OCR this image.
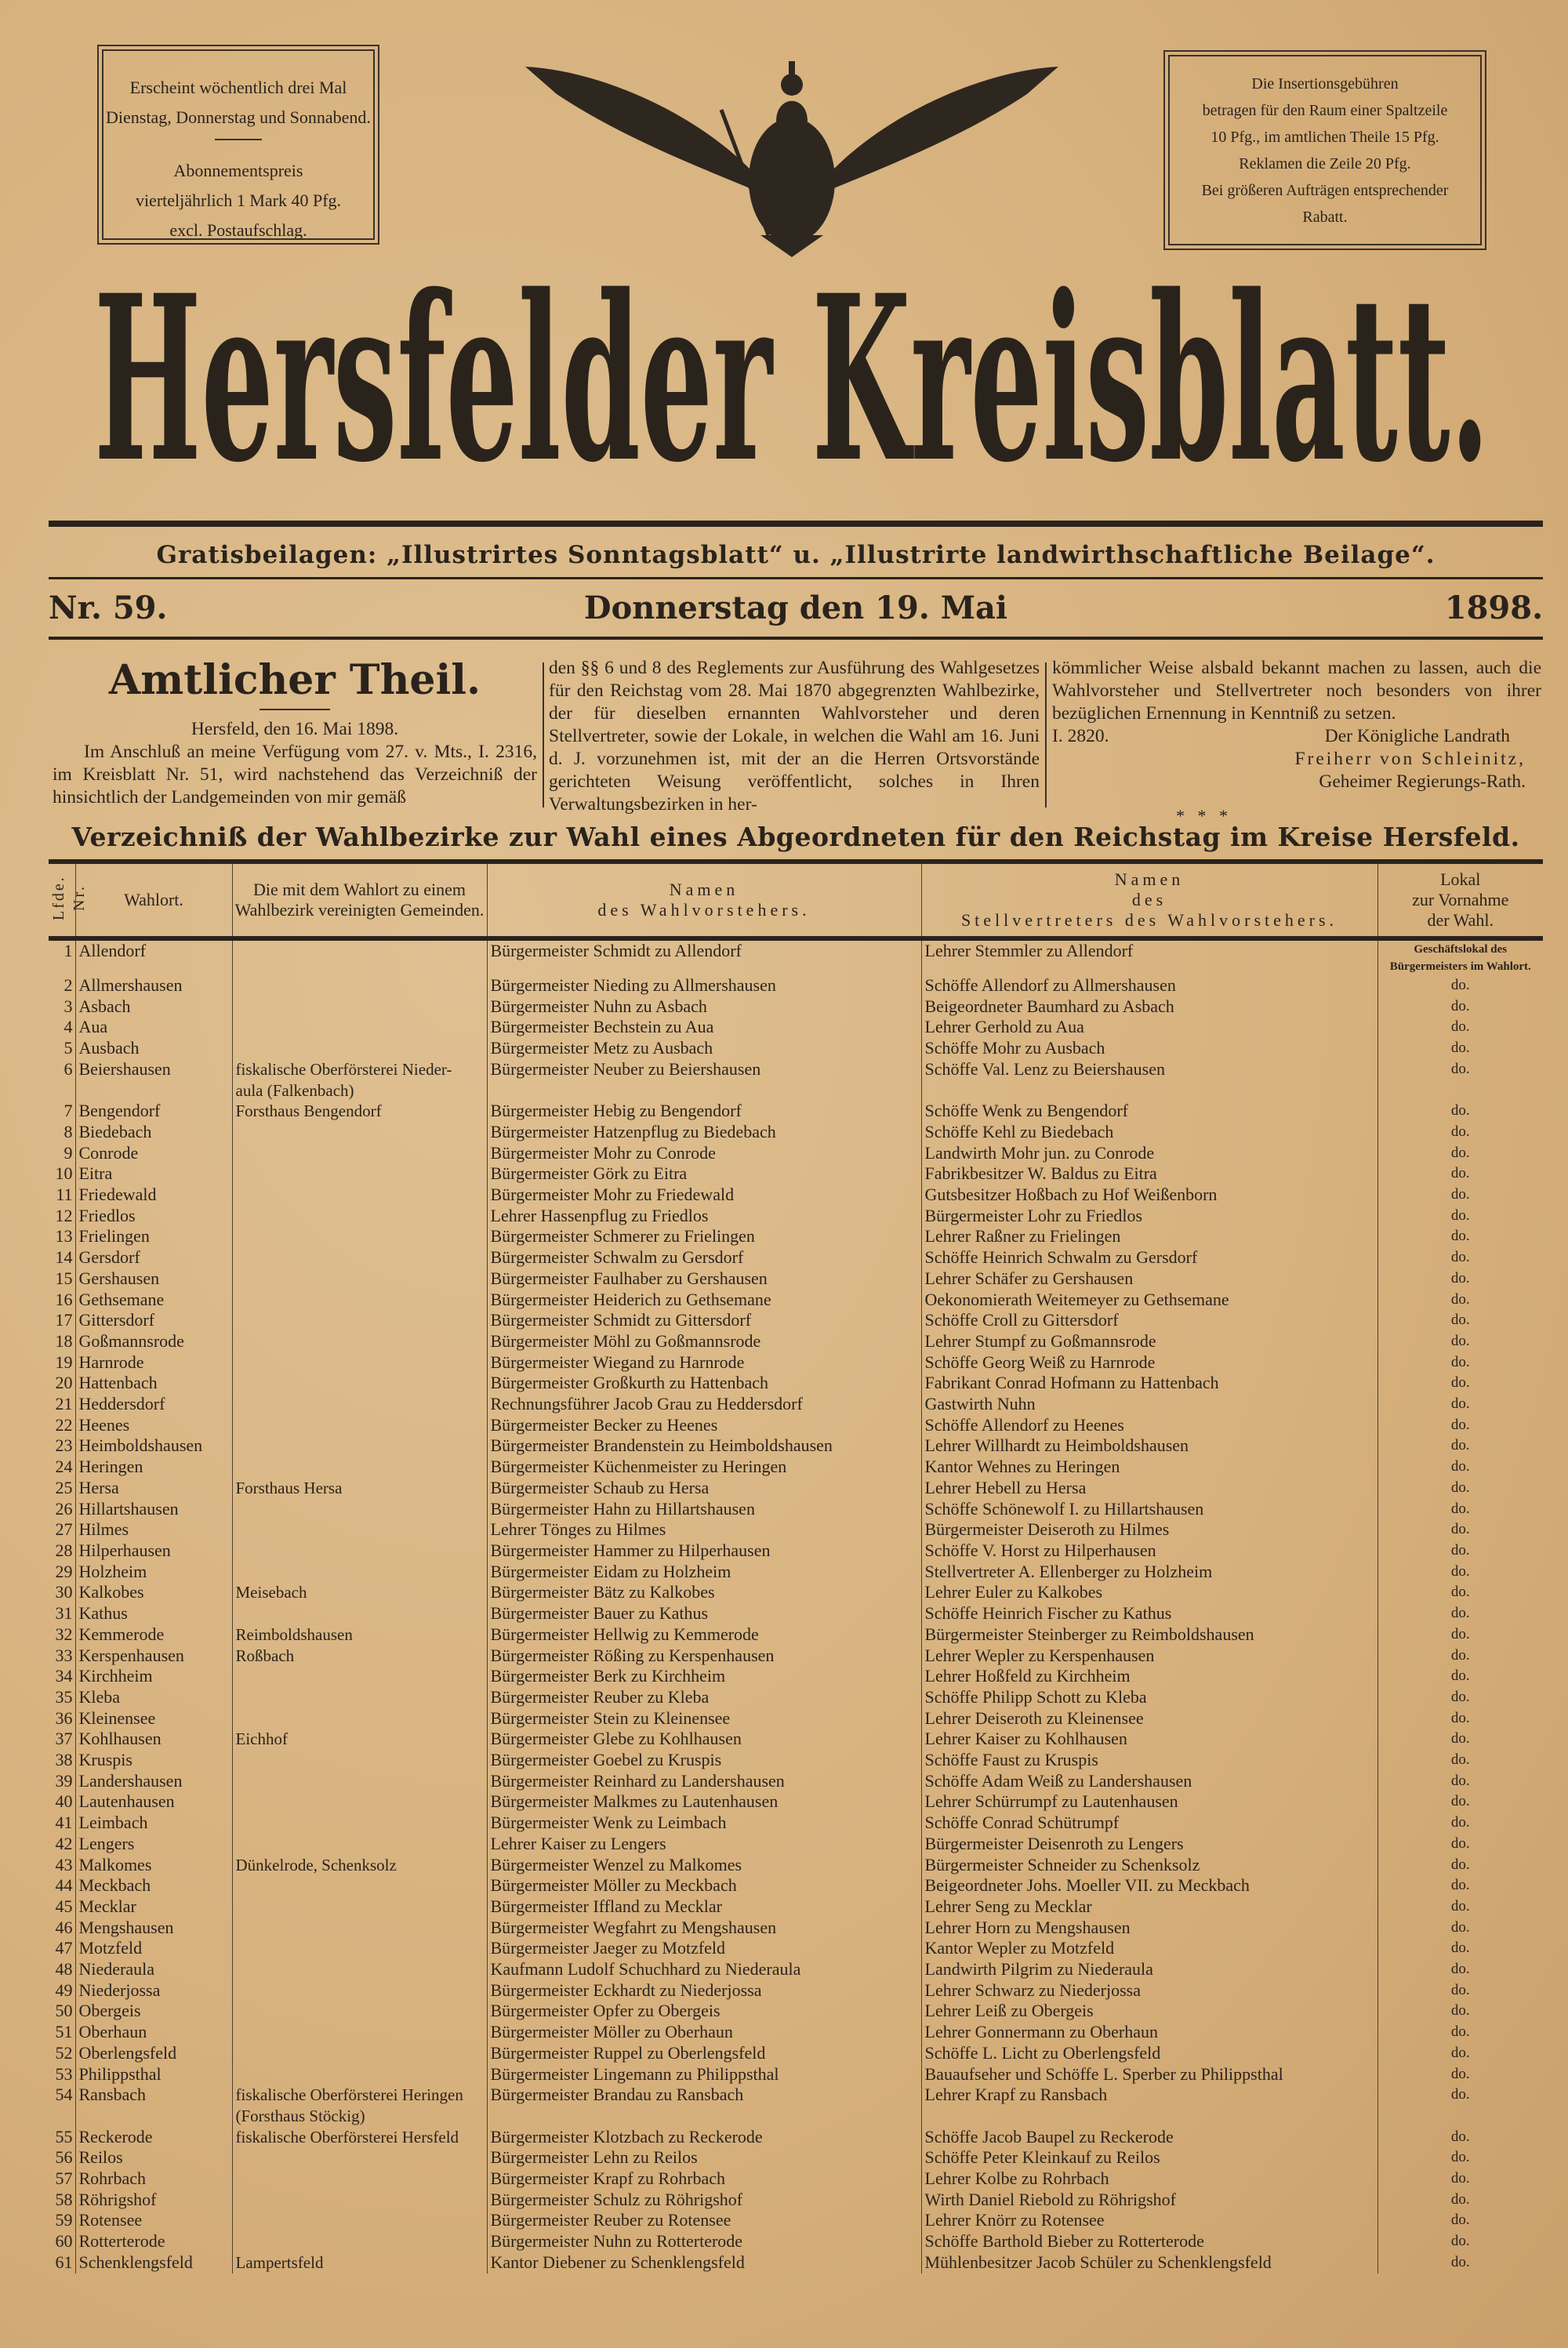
Erscheint wöchentlich drei Mal
Dienstag, Donnerstag und Sonnabend.
Abonnementspreis
vierteljährlich 1 Mark 40 Pfg.
excl. Postaufschlag.
Die Insertionsgebühren
betragen für den Raum einer Spaltzeile
10 Pfg., im amtlichen Theile 15 Pfg.
Reklamen die Zeile 20 Pfg.
Bei größeren Aufträgen entsprechender
Rabatt.
Hersfelder Kreisblatt.
Gratisbeilagen: „Illustrirtes Sonntagsblatt“ u. „Illustrirte landwirthschaftliche Beilage“.
Nr. 59.	Donnerstag den 19. Mai	1898.
Amtlicher Theil.
Hersfeld, den 16. Mai 1898.
Im Anschluß an meine Verfügung vom 27. v. Mts., I. 2316, im Kreisblatt Nr. 51, wird nachstehend das Verzeichniß der hinsichtlich der Landgemeinden von mir gemäß
den §§ 6 und 8 des Reglements zur Ausführung des Wahlgesetzes für den Reichstag vom 28. Mai 1870 abgegrenzten Wahlbezirke, der für dieselben ernannten Wahlvorsteher und deren Stellvertreter, sowie der Lokale, in welchen die Wahl am 16. Juni d. J. vorzunehmen ist, mit der an die Herren Ortsvorstände gerichteten Weisung veröffentlicht, solches in Ihren Verwaltungsbezirken in her-
kömmlicher Weise alsbald bekannt machen zu lassen, auch die Wahlvorsteher und Stellvertreter noch besonders von ihrer bezüglichen Ernennung in Kenntniß zu setzen.
I. 2820.	Der Königliche Landrath
Freiherr von Schleinitz,
Geheimer Regierungs-Rath.
*   *   *
Verzeichniß der Wahlbezirke zur Wahl eines Abgeordneten für den Reichstag im Kreise Hersfeld.
Lfde. Nr.	Wahlort.	Die mit dem Wahlort zu einem Wahlbezirk vereinigten Gemeinden.	Namen
des Wahlvorstehers.	Namen
des
Stellvertreters des Wahlvorstehers.	Lokal
zur Vornahme
der Wahl.
1	Allendorf		Bürgermeister Schmidt zu Allendorf	Lehrer Stemmler zu Allendorf	Geschäftslokal des Bürgermeisters im Wahlort.
2	Allmershausen		Bürgermeister Nieding zu Allmershausen	Schöffe Allendorf zu Allmershausen	do.
3	Asbach		Bürgermeister Nuhn zu Asbach	Beigeordneter Baumhard zu Asbach	do.
4	Aua		Bürgermeister Bechstein zu Aua	Lehrer Gerhold zu Aua	do.
5	Ausbach		Bürgermeister Metz zu Ausbach	Schöffe Mohr zu Ausbach	do.
6	Beiershausen	fiskalische Oberförsterei Nieder-
aula (Falkenbach)	Bürgermeister Neuber zu Beiershausen	Schöffe Val. Lenz zu Beiershausen	do.
7	Bengendorf	Forsthaus Bengendorf	Bürgermeister Hebig zu Bengendorf	Schöffe Wenk zu Bengendorf	do.
8	Biedebach		Bürgermeister Hatzenpflug zu Biedebach	Schöffe Kehl zu Biedebach	do.
9	Conrode		Bürgermeister Mohr zu Conrode	Landwirth Mohr jun. zu Conrode	do.
10	Eitra		Bürgermeister Görk zu Eitra	Fabrikbesitzer W. Baldus zu Eitra	do.
11	Friedewald		Bürgermeister Mohr zu Friedewald	Gutsbesitzer Hoßbach zu Hof Weißenborn	do.
12	Friedlos		Lehrer Hassenpflug zu Friedlos	Bürgermeister Lohr zu Friedlos	do.
13	Frielingen		Bürgermeister Schmerer zu Frielingen	Lehrer Raßner zu Frielingen	do.
14	Gersdorf		Bürgermeister Schwalm zu Gersdorf	Schöffe Heinrich Schwalm zu Gersdorf	do.
15	Gershausen		Bürgermeister Faulhaber zu Gershausen	Lehrer Schäfer zu Gershausen	do.
16	Gethsemane		Bürgermeister Heiderich zu Gethsemane	Oekonomierath Weitemeyer zu Gethsemane	do.
17	Gittersdorf		Bürgermeister Schmidt zu Gittersdorf	Schöffe Croll zu Gittersdorf	do.
18	Goßmannsrode		Bürgermeister Möhl zu Goßmannsrode	Lehrer Stumpf zu Goßmannsrode	do.
19	Harnrode		Bürgermeister Wiegand zu Harnrode	Schöffe Georg Weiß zu Harnrode	do.
20	Hattenbach		Bürgermeister Großkurth zu Hattenbach	Fabrikant Conrad Hofmann zu Hattenbach	do.
21	Heddersdorf		Rechnungsführer Jacob Grau zu Heddersdorf	Gastwirth Nuhn	do.
22	Heenes		Bürgermeister Becker zu Heenes	Schöffe Allendorf zu Heenes	do.
23	Heimboldshausen		Bürgermeister Brandenstein zu Heimboldshausen	Lehrer Willhardt zu Heimboldshausen	do.
24	Heringen		Bürgermeister Küchenmeister zu Heringen	Kantor Wehnes zu Heringen	do.
25	Hersa	Forsthaus Hersa	Bürgermeister Schaub zu Hersa	Lehrer Hebell zu Hersa	do.
26	Hillartshausen		Bürgermeister Hahn zu Hillartshausen	Schöffe Schönewolf I. zu Hillartshausen	do.
27	Hilmes		Lehrer Tönges zu Hilmes	Bürgermeister Deiseroth zu Hilmes	do.
28	Hilperhausen		Bürgermeister Hammer zu Hilperhausen	Schöffe V. Horst zu Hilperhausen	do.
29	Holzheim		Bürgermeister Eidam zu Holzheim	Stellvertreter A. Ellenberger zu Holzheim	do.
30	Kalkobes	Meisebach	Bürgermeister Bätz zu Kalkobes	Lehrer Euler zu Kalkobes	do.
31	Kathus		Bürgermeister Bauer zu Kathus	Schöffe Heinrich Fischer zu Kathus	do.
32	Kemmerode	Reimboldshausen	Bürgermeister Hellwig zu Kemmerode	Bürgermeister Steinberger zu Reimboldshausen	do.
33	Kerspenhausen	Roßbach	Bürgermeister Rößing zu Kerspenhausen	Lehrer Wepler zu Kerspenhausen	do.
34	Kirchheim		Bürgermeister Berk zu Kirchheim	Lehrer Hoßfeld zu Kirchheim	do.
35	Kleba		Bürgermeister Reuber zu Kleba	Schöffe Philipp Schott zu Kleba	do.
36	Kleinensee		Bürgermeister Stein zu Kleinensee	Lehrer Deiseroth zu Kleinensee	do.
37	Kohlhausen	Eichhof	Bürgermeister Glebe zu Kohlhausen	Lehrer Kaiser zu Kohlhausen	do.
38	Kruspis		Bürgermeister Goebel zu Kruspis	Schöffe Faust zu Kruspis	do.
39	Landershausen		Bürgermeister Reinhard zu Landershausen	Schöffe Adam Weiß zu Landershausen	do.
40	Lautenhausen		Bürgermeister Malkmes zu Lautenhausen	Lehrer Schürrumpf zu Lautenhausen	do.
41	Leimbach		Bürgermeister Wenk zu Leimbach	Schöffe Conrad Schütrumpf	do.
42	Lengers		Lehrer Kaiser zu Lengers	Bürgermeister Deisenroth zu Lengers	do.
43	Malkomes	Dünkelrode, Schenksolz	Bürgermeister Wenzel zu Malkomes	Bürgermeister Schneider zu Schenksolz	do.
44	Meckbach		Bürgermeister Möller zu Meckbach	Beigeordneter Johs. Moeller VII. zu Meckbach	do.
45	Mecklar		Bürgermeister Iffland zu Mecklar	Lehrer Seng zu Mecklar	do.
46	Mengshausen		Bürgermeister Wegfahrt zu Mengshausen	Lehrer Horn zu Mengshausen	do.
47	Motzfeld		Bürgermeister Jaeger zu Motzfeld	Kantor Wepler zu Motzfeld	do.
48	Niederaula		Kaufmann Ludolf Schuchhard zu Niederaula	Landwirth Pilgrim zu Niederaula	do.
49	Niederjossa		Bürgermeister Eckhardt zu Niederjossa	Lehrer Schwarz zu Niederjossa	do.
50	Obergeis		Bürgermeister Opfer zu Obergeis	Lehrer Leiß zu Obergeis	do.
51	Oberhaun		Bürgermeister Möller zu Oberhaun	Lehrer Gonnermann zu Oberhaun	do.
52	Oberlengsfeld		Bürgermeister Ruppel zu Oberlengsfeld	Schöffe L. Licht zu Oberlengsfeld	do.
53	Philippsthal		Bürgermeister Lingemann zu Philippsthal	Bauaufseher und Schöffe L. Sperber zu Philippsthal	do.
54	Ransbach	fiskalische Oberförsterei Heringen
(Forsthaus Stöckig)	Bürgermeister Brandau zu Ransbach	Lehrer Krapf zu Ransbach	do.
55	Reckerode	fiskalische Oberförsterei Hersfeld	Bürgermeister Klotzbach zu Reckerode	Schöffe Jacob Baupel zu Reckerode	do.
56	Reilos		Bürgermeister Lehn zu Reilos	Schöffe Peter Kleinkauf zu Reilos	do.
57	Rohrbach		Bürgermeister Krapf zu Rohrbach	Lehrer Kolbe zu Rohrbach	do.
58	Röhrigshof		Bürgermeister Schulz zu Röhrigshof	Wirth Daniel Riebold zu Röhrigshof	do.
59	Rotensee		Bürgermeister Reuber zu Rotensee	Lehrer Knörr zu Rotensee	do.
60	Rotterterode		Bürgermeister Nuhn zu Rotterterode	Schöffe Barthold Bieber zu Rotterterode	do.
61	Schenklengsfeld	Lampertsfeld	Kantor Diebener zu Schenklengsfeld	Mühlenbesitzer Jacob Schüler zu Schenklengsfeld	do.
